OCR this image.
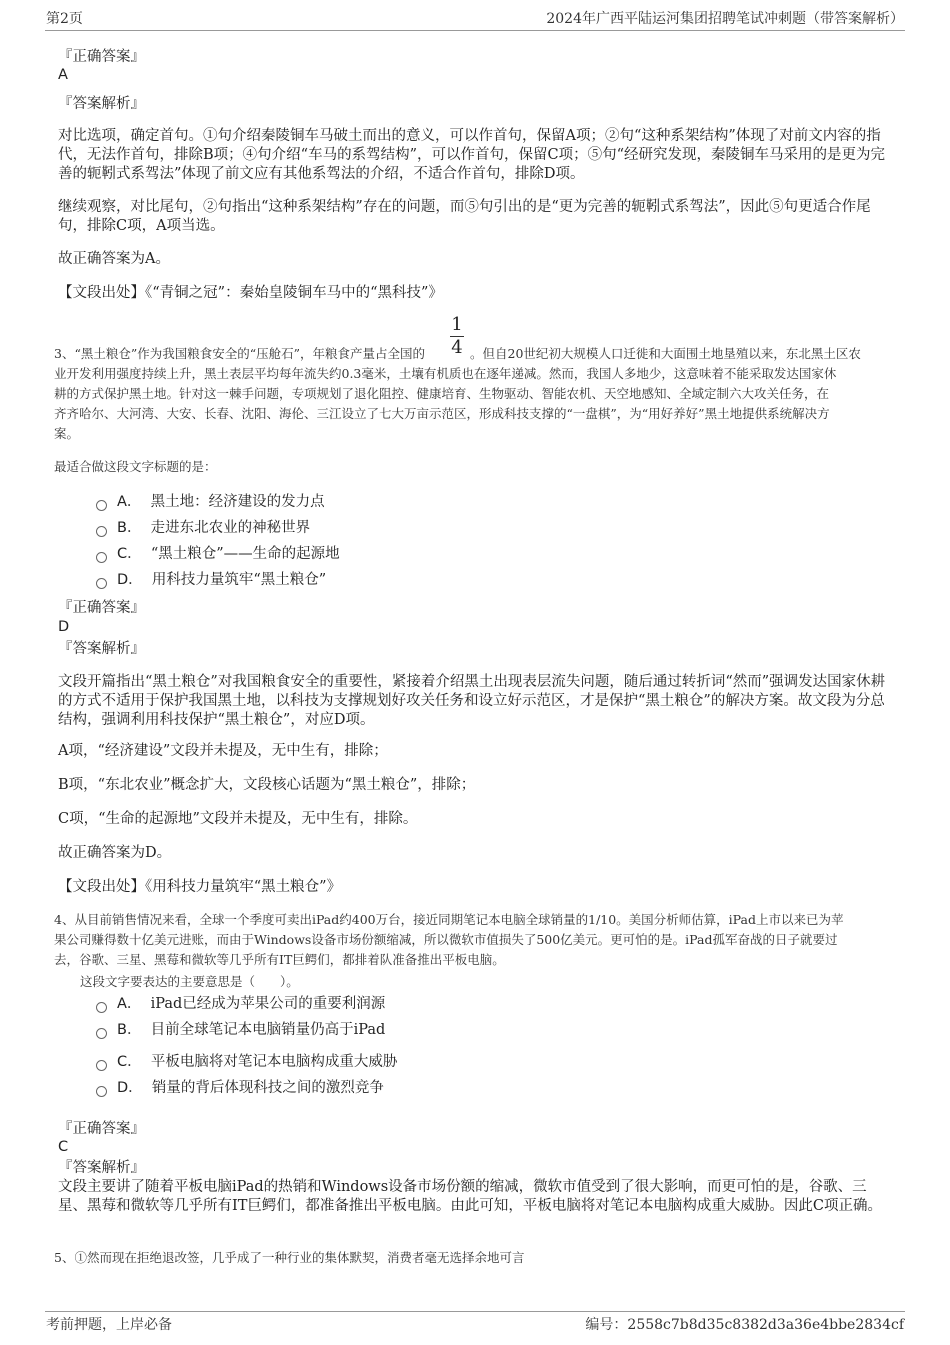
第2页	2024年广西平陆运河集团招聘笔试冲刺题（带答案解析）
『正确答案』
A
『答案解析』
对比选项，确定首句。①句介绍秦陵铜车马破土而出的意义，可以作首句，保留A项；②句“这种系架结构”体现了对前文内容的指代，无法作首句，排除B项；④句介绍“车马的系驾结构”，可以作首句，保留C项；⑤句“经研究发现，秦陵铜车马采用的是更为完善的轭靷式系驾法”体现了前文应有其他系驾法的介绍，不适合作首句，排除D项。
继续观察，对比尾句，②句指出“这种系架结构”存在的问题，而⑤句引出的是“更为完善的轭靷式系驾法”，因此⑤句更适合作尾句，排除C项，A项当选。
故正确答案为A。
【文段出处】《“青铜之冠”：秦始皇陵铜车马中的“黑科技”》
1
4
3、“黑土粮仓”作为我国粮食安全的“压舱石”，年粮食产量占全国的	。但自20世纪初大规模人口迁徙和大面围土地垦殖以来，东北黑土区农
业开发利用强度持续上升，黑土表层平均每年流失约0.3毫米，土壤有机质也在逐年递减。然而，我国人多地少，这意味着不能采取发达国家休
耕的方式保护黑土地。针对这一棘手问题，专项规划了退化阻控、健康培育、生物驱动、智能农机、天空地感知、全域定制六大攻关任务，在
齐齐哈尔、大河湾、大安、长春、沈阳、海伦、三江设立了七大万亩示范区，形成科技支撑的“一盘棋”，为“用好养好”黑土地提供系统解决方
案。
最适合做这段文字标题的是：
A． 黑土地：经济建设的发力点
B． 走进东北农业的神秘世界
C． “黑土粮仓”——生命的起源地
D． 用科技力量筑牢“黑土粮仓”
『正确答案』
D
『答案解析』
文段开篇指出“黑土粮仓”对我国粮食安全的重要性，紧接着介绍黑土出现表层流失问题，随后通过转折词“然而”强调发达国家休耕的方式不适用于保护我国黑土地，以科技为支撑规划好攻关任务和设立好示范区，才是保护“黑土粮仓”的解决方案。故文段为分总结构，强调利用科技保护“黑土粮仓”，对应D项。
A项，“经济建设”文段并未提及，无中生有，排除；
B项，“东北农业”概念扩大，文段核心话题为“黑土粮仓”，排除；
C项，“生命的起源地”文段并未提及，无中生有，排除。
故正确答案为D。
【文段出处】《用科技力量筑牢“黑土粮仓”》
4、从目前销售情况来看，全球一个季度可卖出iPad约400万台，接近同期笔记本电脑全球销量的1/10。美国分析师估算，iPad上市以来已为苹
果公司赚得数十亿美元进账，而由于Windows设备市场份额缩减，所以微软市值损失了500亿美元。更可怕的是。iPad孤军奋战的日子就要过
去，谷歌、三星、黑莓和微软等几乎所有IT巨鳄们，都排着队准备推出平板电脑。
这段文字要表达的主要意思是（　　）。
A． iPad已经成为苹果公司的重要利润源
B． 目前全球笔记本电脑销量仍高于iPad
C． 平板电脑将对笔记本电脑构成重大威胁
D． 销量的背后体现科技之间的激烈竞争
『正确答案』
C
『答案解析』
文段主要讲了随着平板电脑iPad的热销和Windows设备市场份额的缩减，微软市值受到了很大影响，而更可怕的是，谷歌、三星、黑莓和微软等几乎所有IT巨鳄们，都准备推出平板电脑。由此可知，平板电脑将对笔记本电脑构成重大威胁。因此C项正确。
5、①然而现在拒绝退改签，几乎成了一种行业的集体默契，消费者毫无选择余地可言
考前押题，上岸必备	编号：2558c7b8d35c8382d3a36e4bbe2834cf
